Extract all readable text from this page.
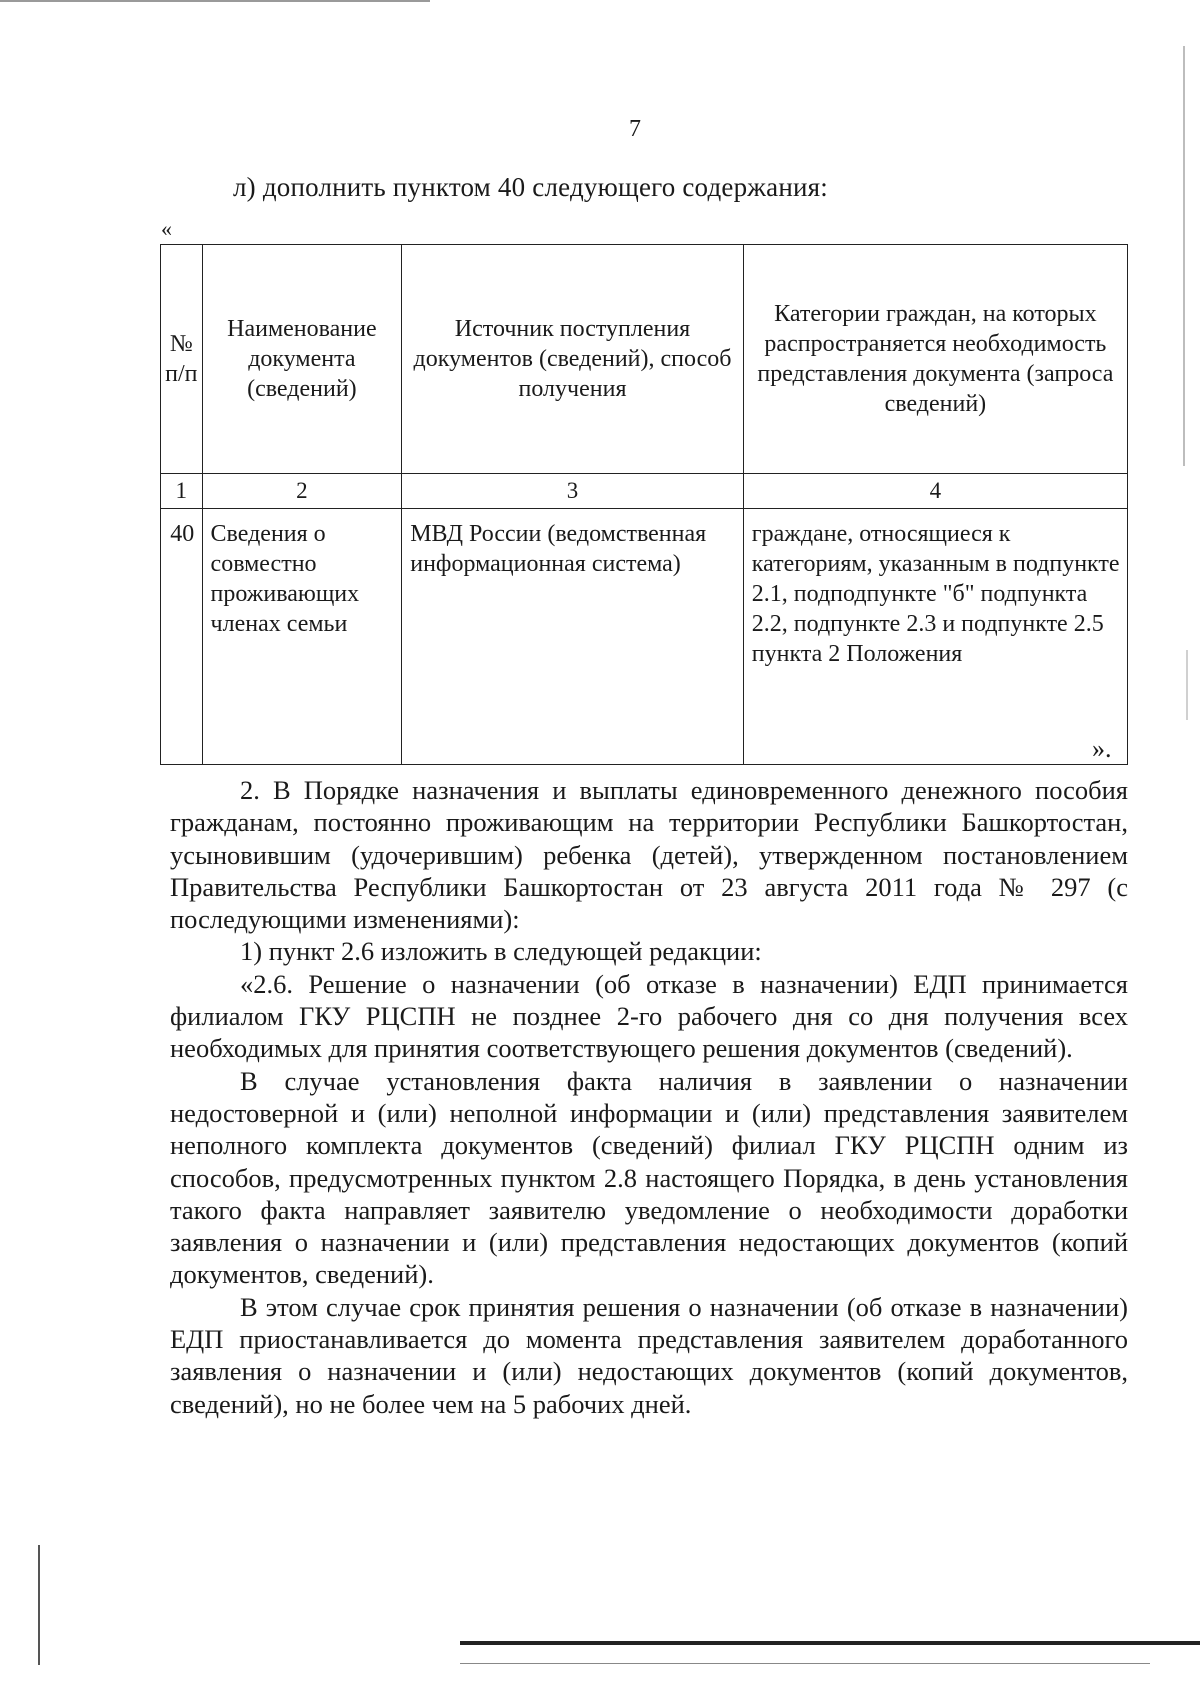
7
л) дополнить пунктом 40 следующего содержания:
«
№ п/п	Наименование документа (сведений)	Источник поступления документов (сведений), способ получения	Категории граждан, на которых распространяется необходимость представления документа (запроса сведений)
1	2	3	4
40	Сведения о совместно проживающих членах семьи	МВД России (ведомственная информационная система)	граждане, относящиеся к категориям, указанным в подпункте 2.1, подподпункте "б" подпункта 2.2, подпункте 2.3 и подпункте 2.5 пункта 2 Положения
».

2. В Порядке назначения и выплаты единовременного денежного пособия гражданам, постоянно проживающим на территории Республики Башкортостан, усыновившим (удочерившим) ребенка (детей), утвержденном постановлением Правительства Республики Башкортостан от 23 августа 2011 года № 297 (с последующими изменениями):

1) пункт 2.6 изложить в следующей редакции:

«2.6. Решение о назначении (об отказе в назначении) ЕДП принимается филиалом ГКУ РЦСПН не позднее 2-го рабочего дня со дня получения всех необходимых для принятия соответствующего решения документов (сведений).

В случае установления факта наличия в заявлении о назначении недостоверной и (или) неполной информации и (или) представления заявителем неполного комплекта документов (сведений) филиал ГКУ РЦСПН одним из способов, предусмотренных пунктом 2.8 настоящего Порядка, в день установления такого факта направляет заявителю уведомление о необходимости доработки заявления о назначении и (или) представления недостающих документов (копий документов, сведений).

В этом случае срок принятия решения о назначении (об отказе в назначении) ЕДП приостанавливается до момента представления заявителем доработанного заявления о назначении и (или) недостающих документов (копий документов, сведений), но не более чем на 5 рабочих дней.
